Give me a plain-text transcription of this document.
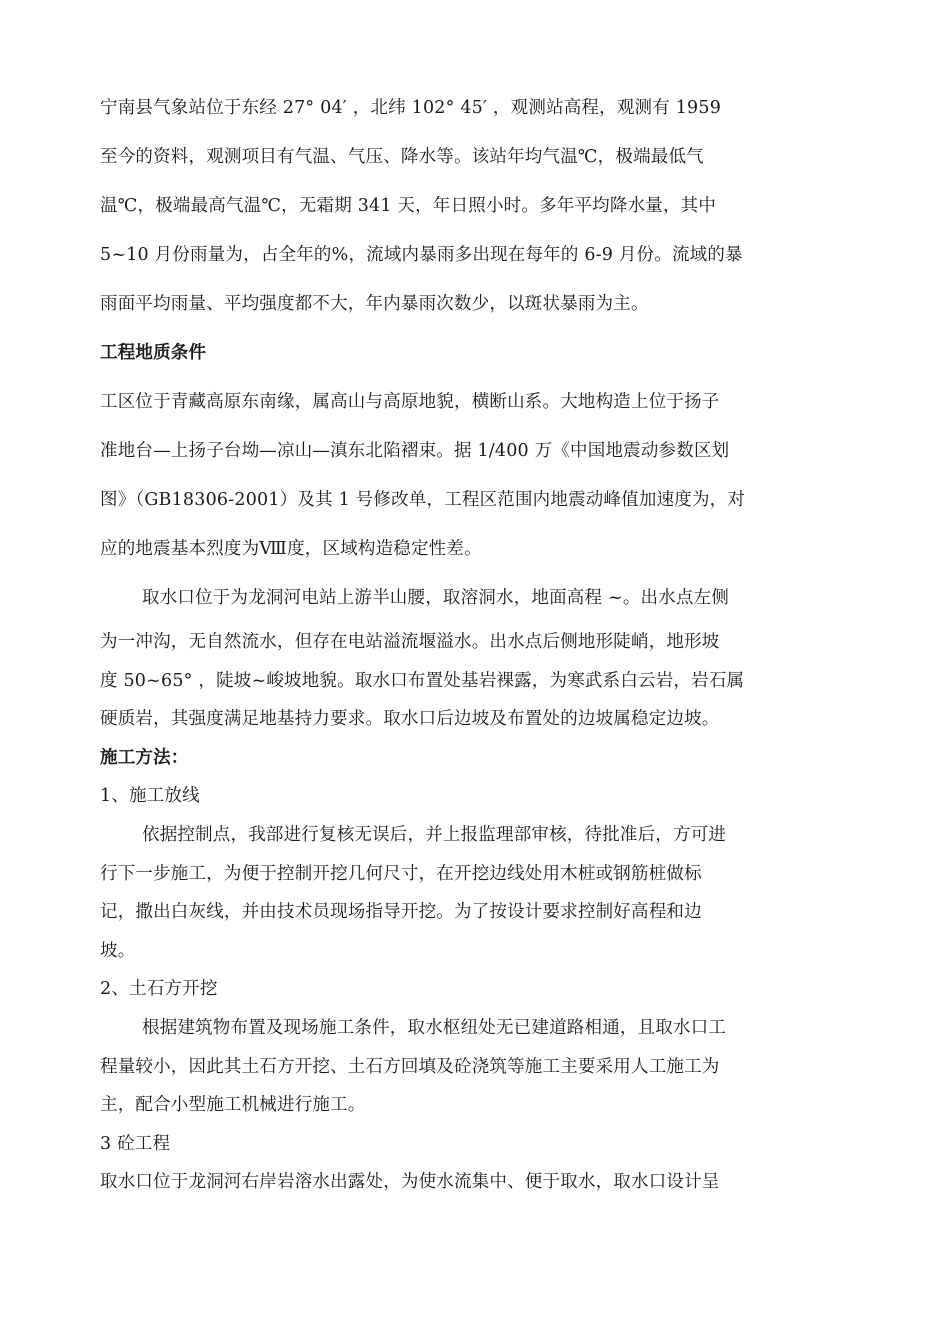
宁南县气象站位于东经 27° 04′ ，北纬 102° 45′ ，观测站高程，观测有 1959

至今的资料，观测项目有气温、气压、降水等。该站年均气温℃，极端最低气

温℃，极端最高气温℃，无霜期 341 天，年日照小时。多年平均降水量，其中

5~10 月份雨量为，占全年的%，流域内暴雨多出现在每年的 6-9 月份。流域的暴

雨面平均雨量、平均强度都不大，年内暴雨次数少，以斑状暴雨为主。

工程地质条件

工区位于青藏高原东南缘，属高山与高原地貌，横断山系。大地构造上位于扬子

准地台—上扬子台坳—凉山—滇东北陷褶束。据 1/400 万《中国地震动参数区划

图》（GB18306-2001）及其 1 号修改单，工程区范围内地震动峰值加速度为，对

应的地震基本烈度为Ⅷ度，区域构造稳定性差。

取水口位于为龙洞河电站上游半山腰，取溶洞水，地面高程 ~。出水点左侧

为一冲沟，无自然流水，但存在电站溢流堰溢水。出水点后侧地形陡峭，地形坡

度 50~65° ，陡坡~峻坡地貌。取水口布置处基岩裸露，为寒武系白云岩，岩石属

硬质岩，其强度满足地基持力要求。取水口后边坡及布置处的边坡属稳定边坡。

施工方法：

1、施工放线

依据控制点，我部进行复核无误后，并上报监理部审核，待批准后，方可进

行下一步施工，为便于控制开挖几何尺寸，在开挖边线处用木桩或钢筋桩做标

记，撒出白灰线，并由技术员现场指导开挖。为了按设计要求控制好高程和边

坡。

2、土石方开挖

根据建筑物布置及现场施工条件，取水枢纽处无已建道路相通，且取水口工

程量较小，因此其土石方开挖、土石方回填及砼浇筑等施工主要采用人工施工为

主，配合小型施工机械进行施工。

3 砼工程

取水口位于龙洞河右岸岩溶水出露处，为使水流集中、便于取水，取水口设计呈
